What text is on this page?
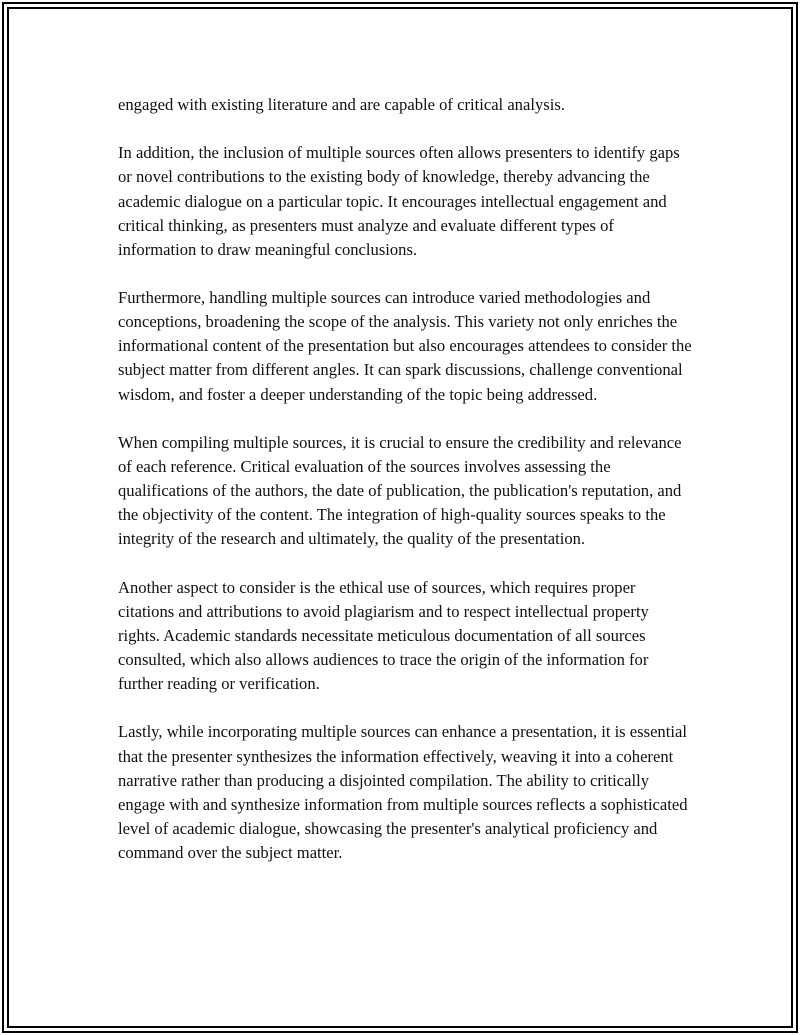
engaged with existing literature and are capable of critical analysis.

In addition, the inclusion of multiple sources often allows presenters to identify gaps or novel contributions to the existing body of knowledge, thereby advancing the academic dialogue on a particular topic. It encourages intellectual engagement and critical thinking, as presenters must analyze and evaluate different types of information to draw meaningful conclusions.

Furthermore, handling multiple sources can introduce varied methodologies and conceptions, broadening the scope of the analysis. This variety not only enriches the informational content of the presentation but also encourages attendees to consider the subject matter from different angles. It can spark discussions, challenge conventional wisdom, and foster a deeper understanding of the topic being addressed.

When compiling multiple sources, it is crucial to ensure the credibility and relevance of each reference. Critical evaluation of the sources involves assessing the qualifications of the authors, the date of publication, the publication's reputation, and the objectivity of the content. The integration of high-quality sources speaks to the integrity of the research and ultimately, the quality of the presentation.

Another aspect to consider is the ethical use of sources, which requires proper citations and attributions to avoid plagiarism and to respect intellectual property rights. Academic standards necessitate meticulous documentation of all sources consulted, which also allows audiences to trace the origin of the information for further reading or verification.

Lastly, while incorporating multiple sources can enhance a presentation, it is essential that the presenter synthesizes the information effectively, weaving it into a coherent narrative rather than producing a disjointed compilation. The ability to critically engage with and synthesize information from multiple sources reflects a sophisticated level of academic dialogue, showcasing the presenter's analytical proficiency and command over the subject matter.
